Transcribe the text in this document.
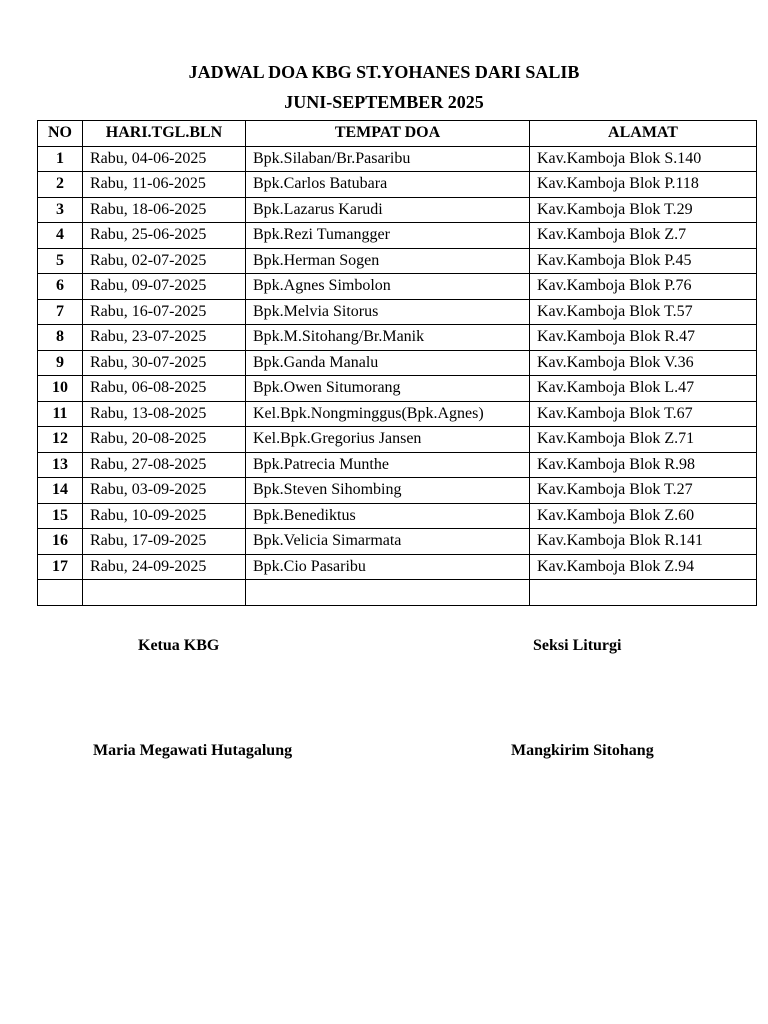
JADWAL DOA KBG ST.YOHANES DARI SALIB
JUNI-SEPTEMBER 2025
NO	HARI.TGL.BLN	TEMPAT DOA	ALAMAT
1	Rabu, 04-06-2025	Bpk.Silaban/Br.Pasaribu	Kav.Kamboja Blok S.140
2	Rabu, 11-06-2025	Bpk.Carlos Batubara	Kav.Kamboja Blok P.118
3	Rabu, 18-06-2025	Bpk.Lazarus Karudi	Kav.Kamboja Blok T.29
4	Rabu, 25-06-2025	Bpk.Rezi Tumangger	Kav.Kamboja Blok Z.7
5	Rabu, 02-07-2025	Bpk.Herman Sogen	Kav.Kamboja Blok P.45
6	Rabu, 09-07-2025	Bpk.Agnes Simbolon	Kav.Kamboja Blok P.76
7	Rabu, 16-07-2025	Bpk.Melvia Sitorus	Kav.Kamboja Blok T.57
8	Rabu, 23-07-2025	Bpk.M.Sitohang/Br.Manik	Kav.Kamboja Blok R.47
9	Rabu, 30-07-2025	Bpk.Ganda Manalu	Kav.Kamboja Blok V.36
10	Rabu, 06-08-2025	Bpk.Owen Situmorang	Kav.Kamboja Blok L.47
11	Rabu, 13-08-2025	Kel.Bpk.Nongminggus(Bpk.Agnes)	Kav.Kamboja Blok T.67
12	Rabu, 20-08-2025	Kel.Bpk.Gregorius Jansen	Kav.Kamboja Blok Z.71
13	Rabu, 27-08-2025	Bpk.Patrecia Munthe	Kav.Kamboja Blok R.98
14	Rabu, 03-09-2025	Bpk.Steven Sihombing	Kav.Kamboja Blok T.27
15	Rabu, 10-09-2025	Bpk.Benediktus	Kav.Kamboja Blok Z.60
16	Rabu, 17-09-2025	Bpk.Velicia Simarmata	Kav.Kamboja Blok R.141
17	Rabu, 24-09-2025	Bpk.Cio Pasaribu	Kav.Kamboja Blok Z.94

Ketua KBG	Seksi Liturgi
Maria Megawati Hutagalung	Mangkirim Sitohang
